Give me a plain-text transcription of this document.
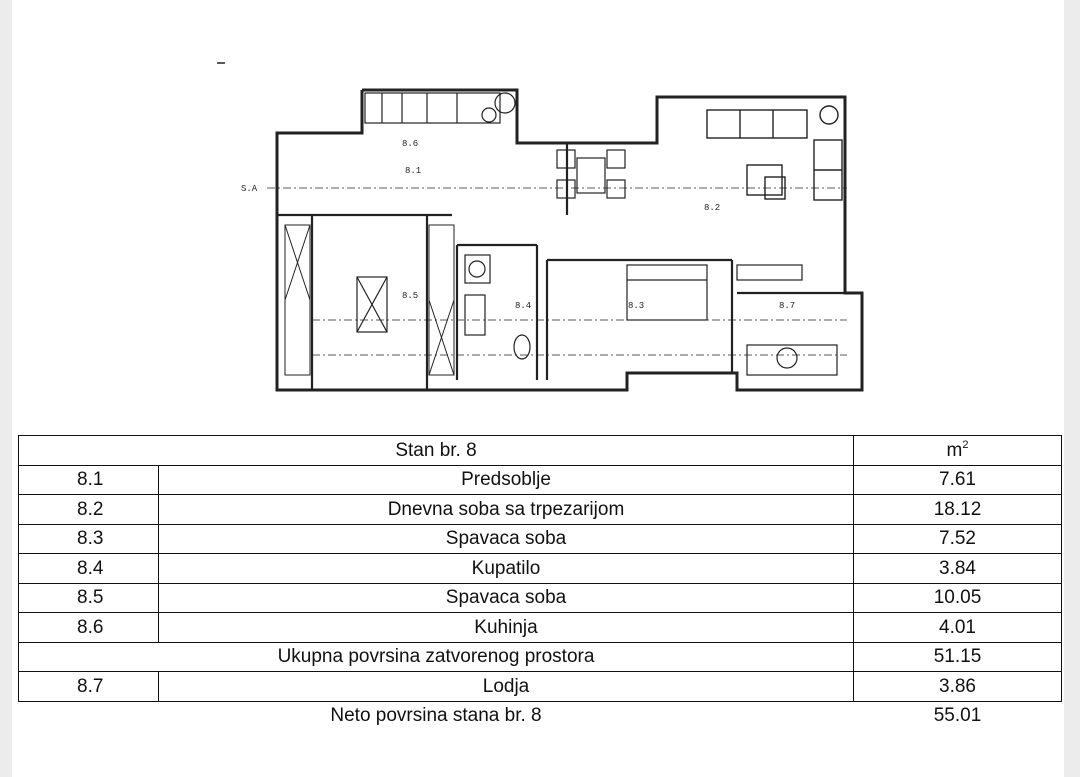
8.6
8.1
8.2
8.5
8.4	8.3	8.7
S.A
Stan br. 8		$m^2$
8.1	Predsoblje	7.61
8.2	Dnevna soba sa trpezarijom	18.12
8.3	Spavaca soba	7.52
8.4	Kupatilo	3.84
8.5	Spavaca soba	10.05
8.6	Kuhinja	4.01
Ukupna povrsina zatvorenog prostora		51.15
8.7	Lodja	3.86
Neto povrsina stana br. 8		55.01
